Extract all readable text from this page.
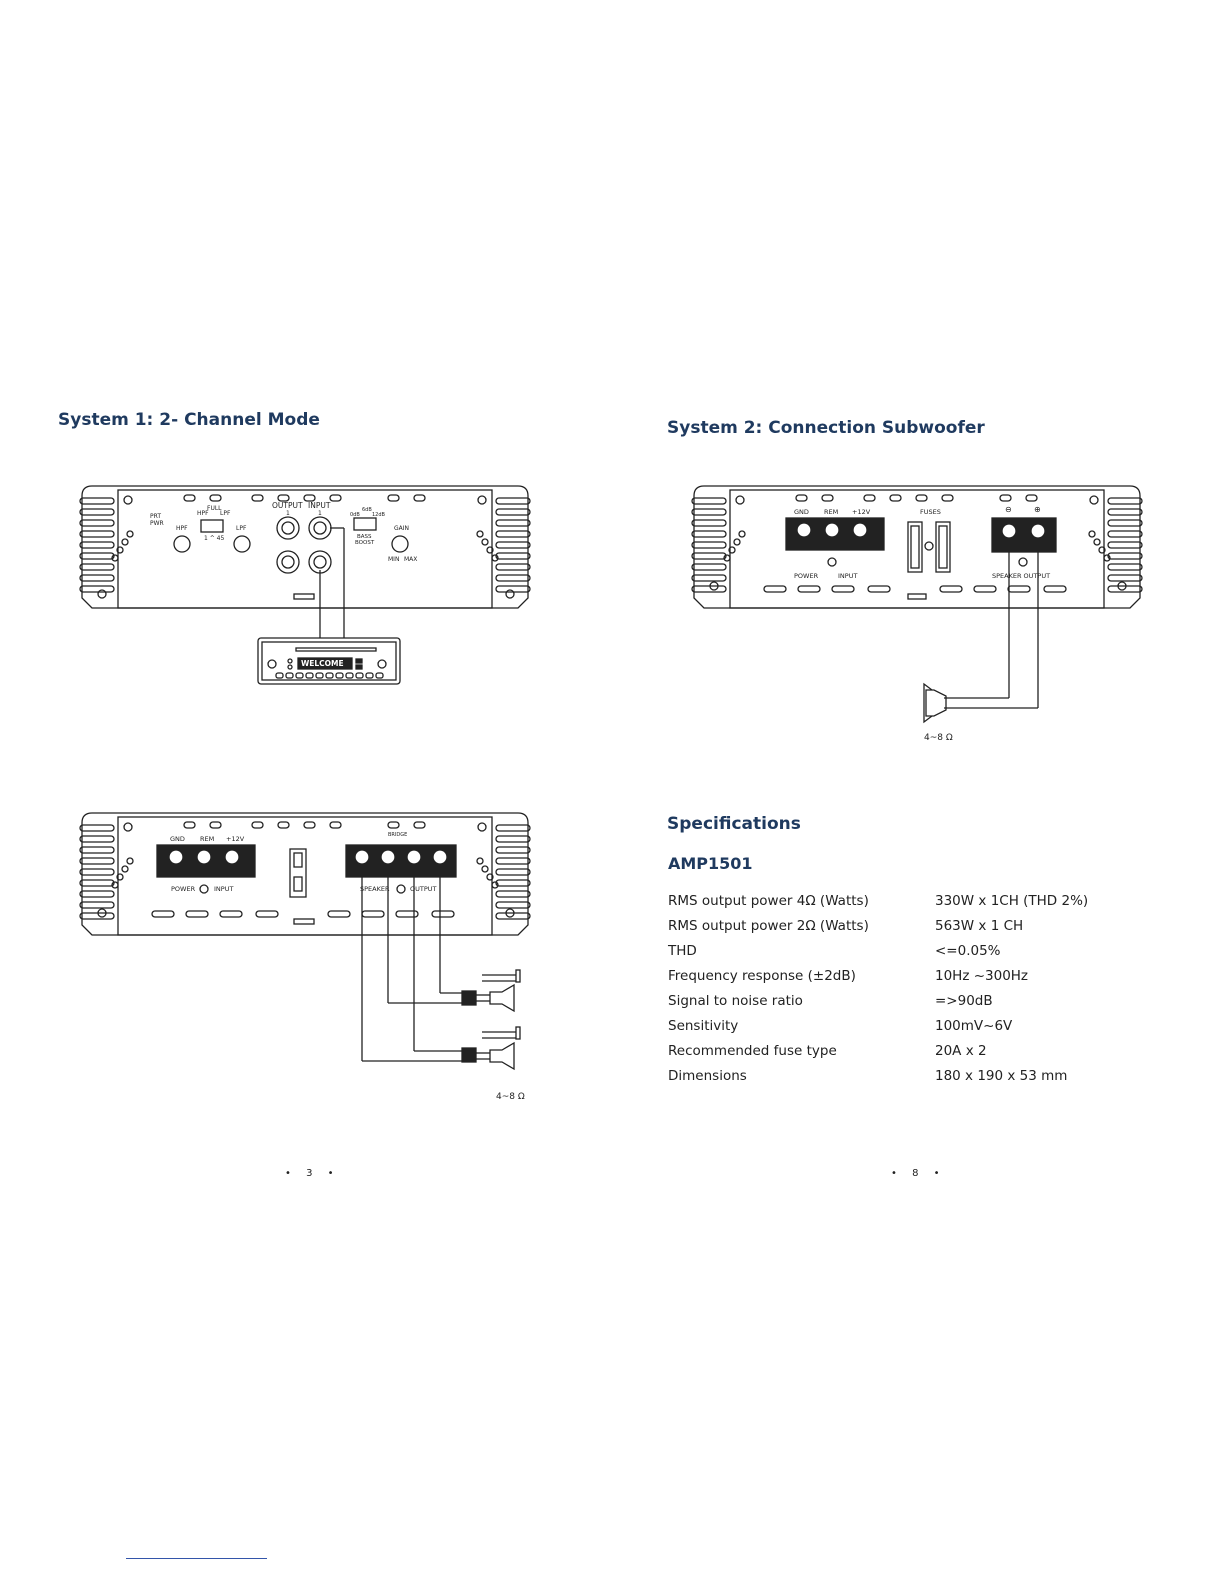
System 1: 2- Channel Mode	System 2: Connection Subwoofer
PRT
PWR
HPF
HPF
FULL
LPF
1 ^ 45
LPF
OUTPUT INPUT
1	1	0dB
6dB
12dB
BASS
BOOST
GAIN
MIN MAX
WELCOME
GND REM +12V
POWER	INPUT
BRIDGE
SPEAKER	OUTPUT
4~8 Ω
GND REM +12V	FUSES
POWER	INPUT	SPEAKER OUTPUT
⊖	⊕
4~8 Ω
Specifications
AMP1501
RMS output power 4Ω (Watts)	330W x 1CH (THD 2%)
RMS output power 2Ω (Watts)	563W x 1 CH
THD	<=0.05%
Frequency response (±2dB)	10Hz ~300Hz
Signal to noise ratio	=>90dB
Sensitivity	100mV~6V
Recommended fuse type	20A x 2
Dimensions	180 x 190 x 53 mm
• 3 •	• 8 •
